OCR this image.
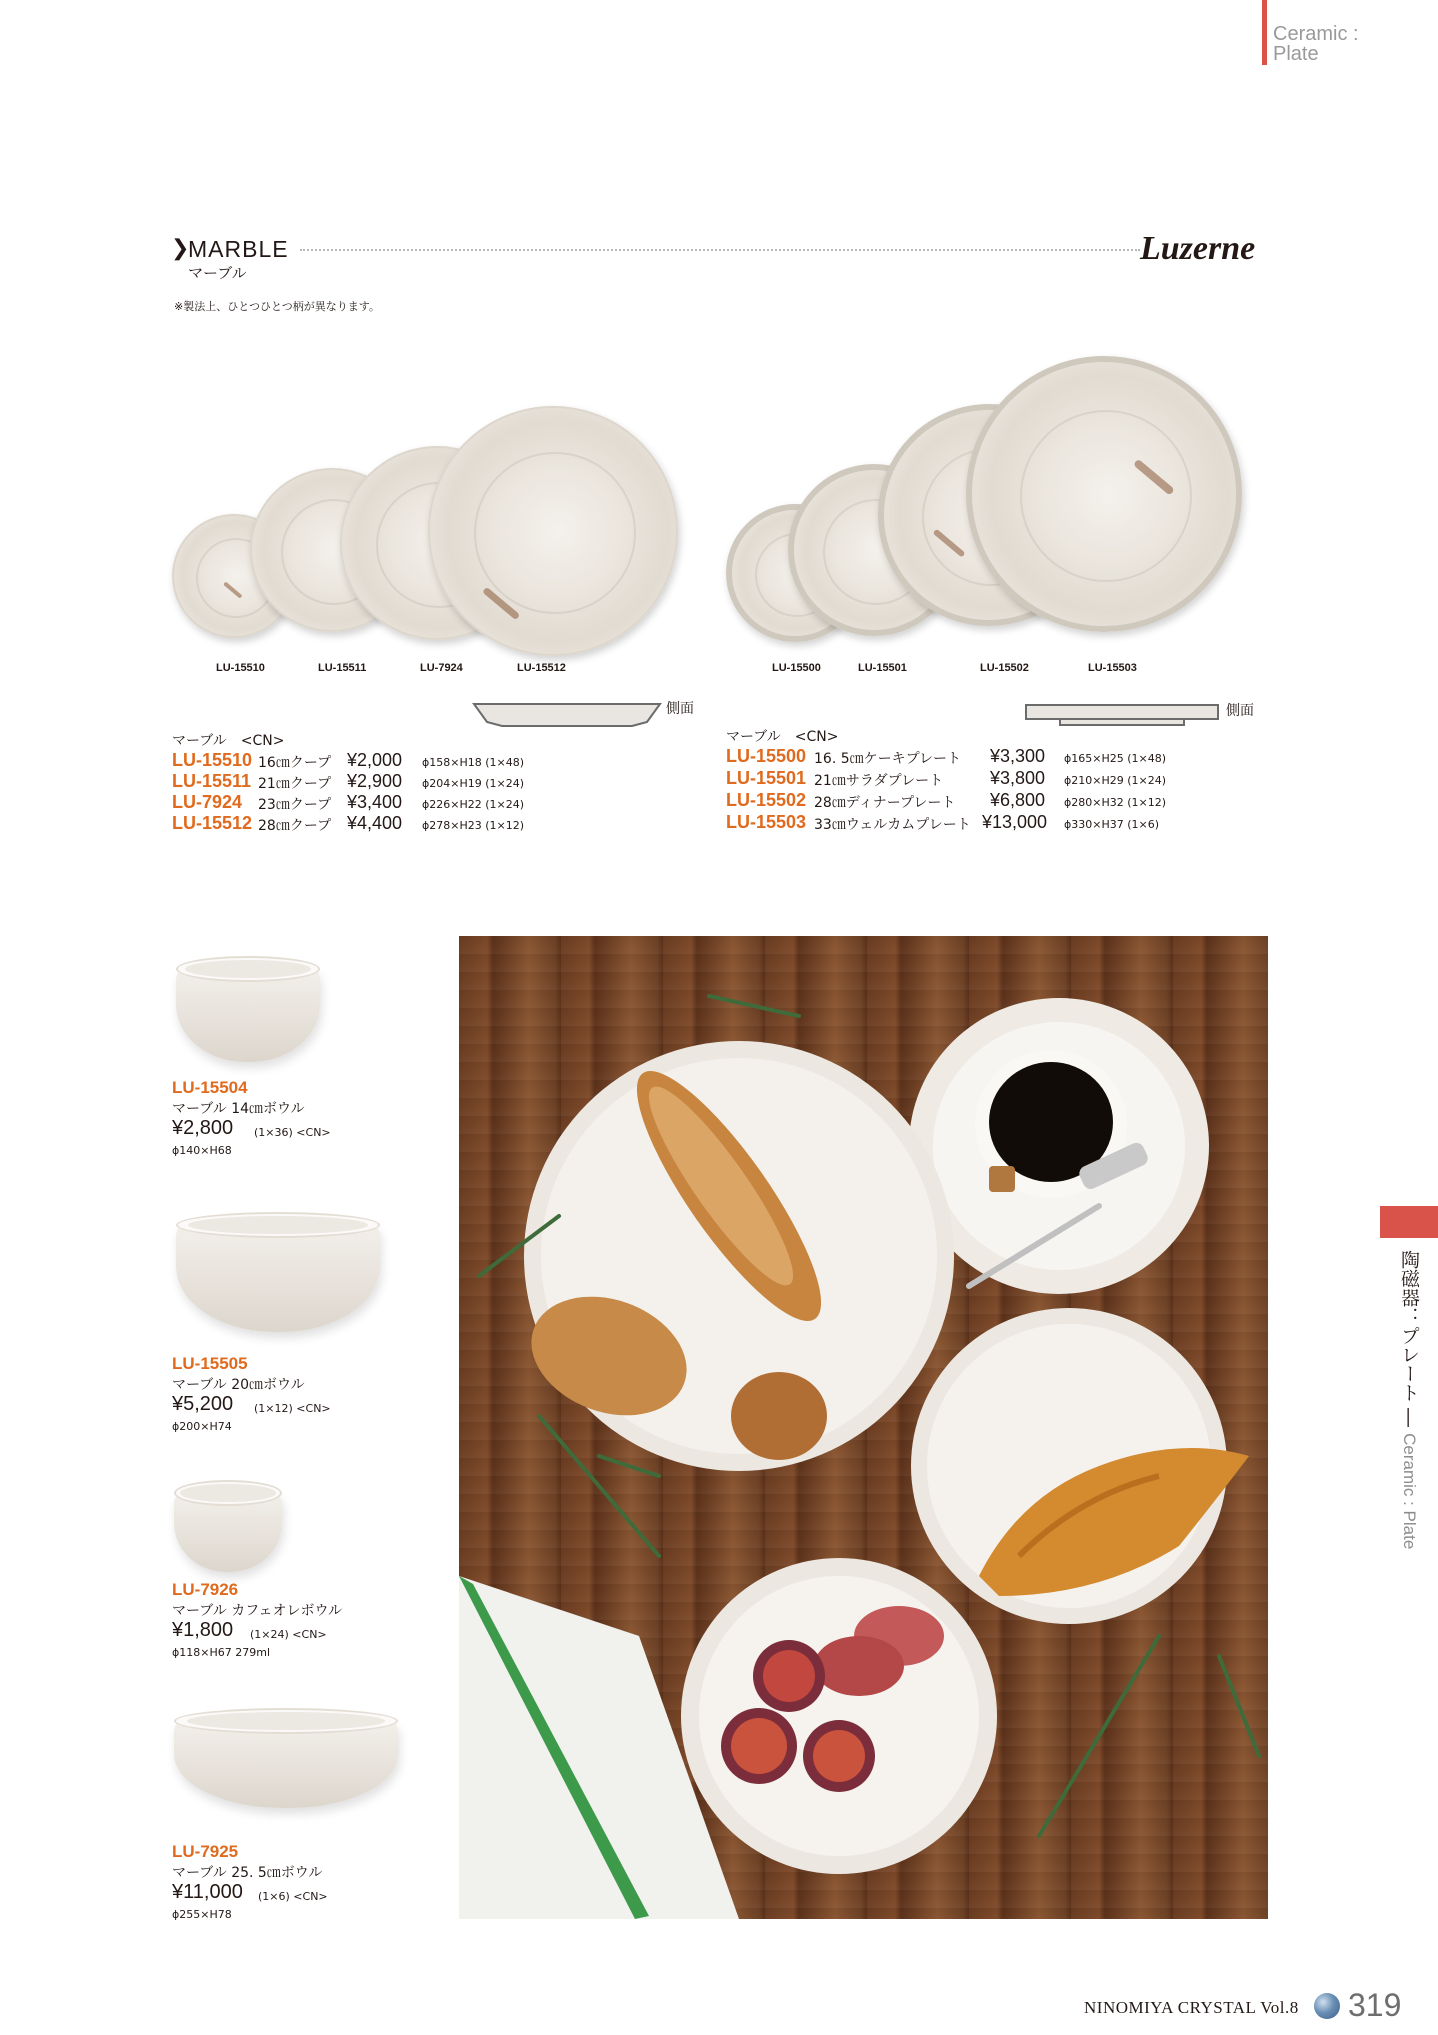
Ceramic :
Plate
❯
MARBLE
マーブル
Luzerne
※製法上、ひとつひとつ柄が異なります。
LU-15510	LU-15511	LU-7924	LU-15512
側面
マーブル　<CN>
LU-15510 16㎝クープ ¥2,000 ϕ158×H18 (1×48)
LU-15511 21㎝クープ ¥2,900 ϕ204×H19 (1×24)
LU-7924 23㎝クープ ¥3,400 ϕ226×H22 (1×24)
LU-15512 28㎝クープ ¥4,400 ϕ278×H23 (1×12)
LU-15500	LU-15501	LU-15502	LU-15503
側面
マーブル　<CN>
LU-15500 16. 5㎝ケーキプレート ¥3,300 ϕ165×H25 (1×48)
LU-15501 21㎝サラダプレート	¥3,800 ϕ210×H29 (1×24)
LU-15502 28㎝ディナープレート ¥6,800 ϕ280×H32 (1×12)
LU-15503 33㎝ウェルカムプレート ¥13,000 ϕ330×H37 (1×6)
LU-15504
マーブル 14㎝ボウル
¥2,800 (1×36) <CN>
ϕ140×H68
LU-15505
マーブル 20㎝ボウル
¥5,200 (1×12) <CN>
ϕ200×H74
LU-7926
マーブル カフェオレボウル
¥1,800 (1×24) <CN>
ϕ118×H67 279ml
LU-7925
マーブル 25. 5㎝ボウル
¥11,000 (1×6) <CN>
ϕ255×H78
陶磁器：プレート ― Ceramic : Plate
NINOMIYA CRYSTAL Vol.8 319
